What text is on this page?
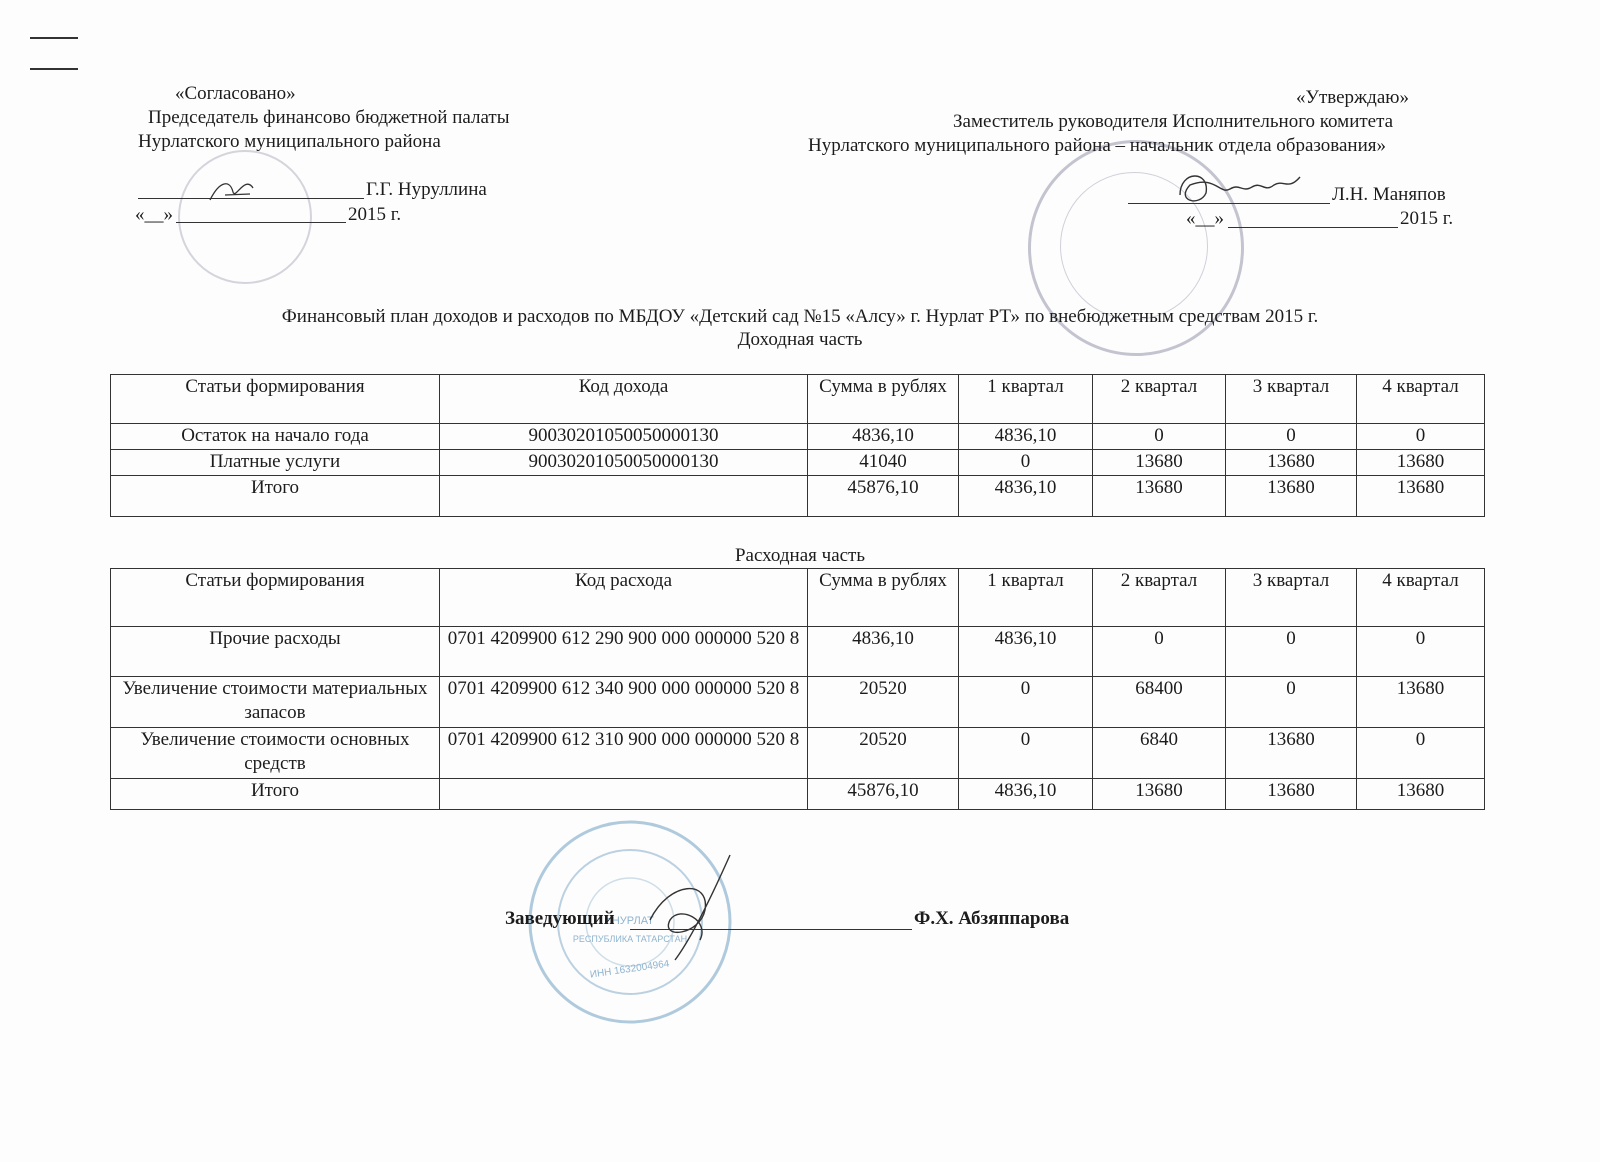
«Согласовано»
Председатель финансово бюджетной палаты
Нурлатского муниципального района
Г.Г. Нуруллина
«__»	2015 г.
«Утверждаю»
Заместитель руководителя Исполнительного комитета
Нурлатского муниципального района – начальник отдела образования»
Л.Н. Маняпов
«__»	2015 г.
Финансовый план доходов и расходов по МБДОУ «Детский сад №15 «Алсу» г. Нурлат РТ» по внебюджетным средствам 2015 г.
Доходная часть
Статьи формирования	Код дохода	Сумма в рублях	1 квартал	2 квартал	3 квартал	4 квартал
Остаток на начало года	90030201050050000130	4836,10	4836,10	0	0	0
Платные услуги	90030201050050000130	41040	0	13680	13680	13680
Итого		45876,10	4836,10	13680	13680	13680
Расходная часть
Статьи формирования	Код расхода	Сумма в рублях	1 квартал	2 квартал	3 квартал	4 квартал
Прочие расходы	0701 4209900 612 290 900 000 000000 520 8	4836,10	4836,10	0	0	0
Увеличение стоимости материальных запасов	0701 4209900 612 340 900 000 000000 520 8	20520	0	68400	0	13680
Увеличение стоимости основных средств	0701 4209900 612 310 900 000 000000 520 8	20520	0	6840	13680	0
Итого		45876,10	4836,10	13680	13680	13680
г.НУРЛАТ
РЕСПУБЛИКА ТАТАРСТАН
ИНН 1632004964
Заведующий	Ф.Х. Абзяппарова
